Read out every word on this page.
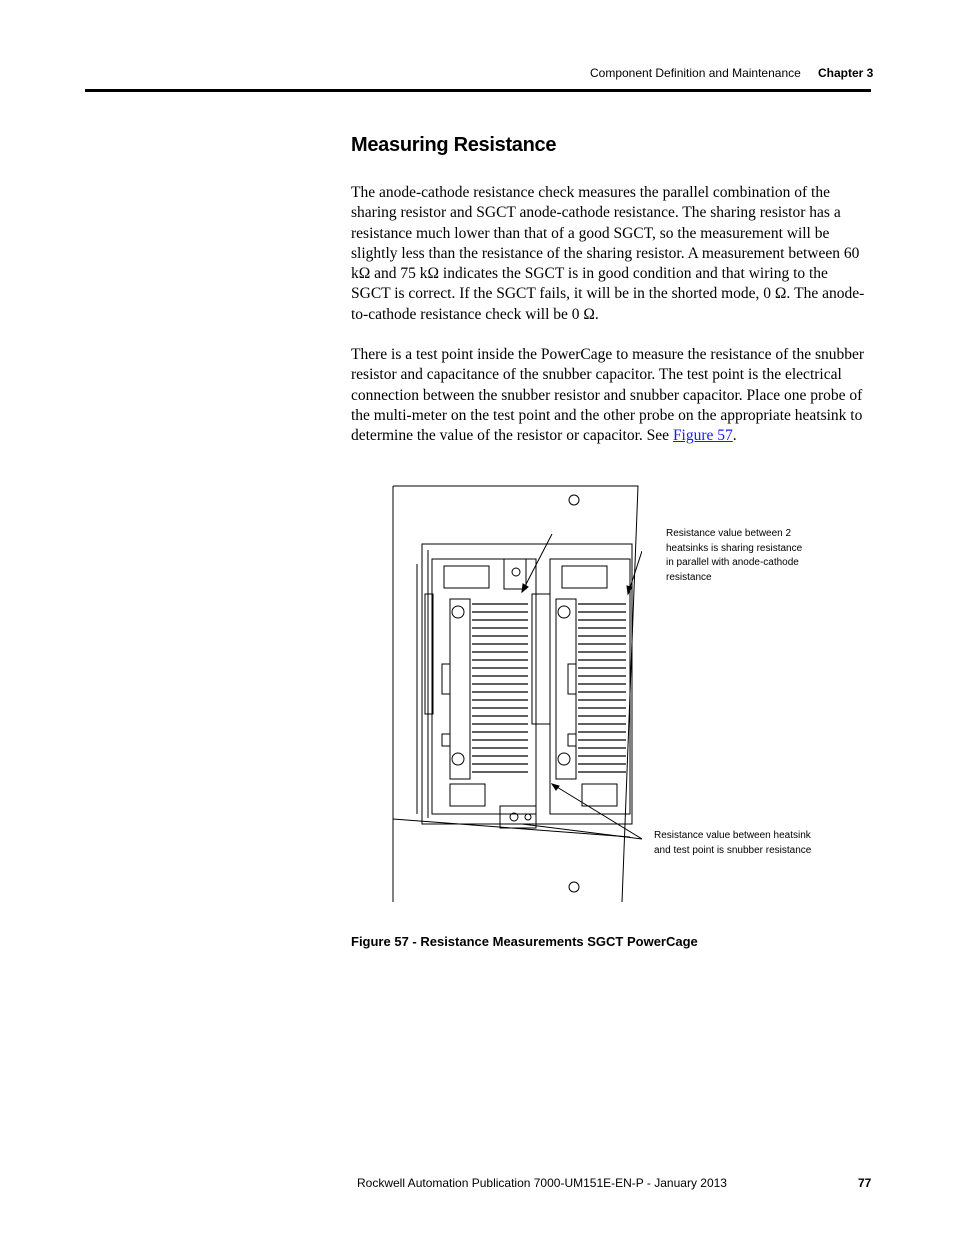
Component Definition and Maintenance Chapter 3
Measuring Resistance

The anode-cathode resistance check measures the parallel combination of the sharing resistor and SGCT anode-cathode resistance. The sharing resistor has a resistance much lower than that of a good SGCT, so the measurement will be slightly less than the resistance of the sharing resistor. A measurement between 60 kΩ and 75 kΩ indicates the SGCT is in good condition and that wiring to the SGCT is correct. If the SGCT fails, it will be in the shorted mode, 0 Ω. The anode-to-cathode resistance check will be 0 Ω.

There is a test point inside the PowerCage to measure the resistance of the snubber resistor and capacitance of the snubber capacitor. The test point is the electrical connection between the snubber resistor and snubber capacitor. Place one probe of the multi-meter on the test point and the other probe on the appropriate heatsink to determine the value of the resistor or capacitor. See Figure 57.

Resistance value between 2 heatsinks is sharing resistance in parallel with anode-cathode resistance
Resistance value between heatsink and test point is snubber resistance
Figure 57 - Resistance Measurements SGCT PowerCage
Rockwell Automation Publication 7000-UM151E-EN-P - January 2013	77
